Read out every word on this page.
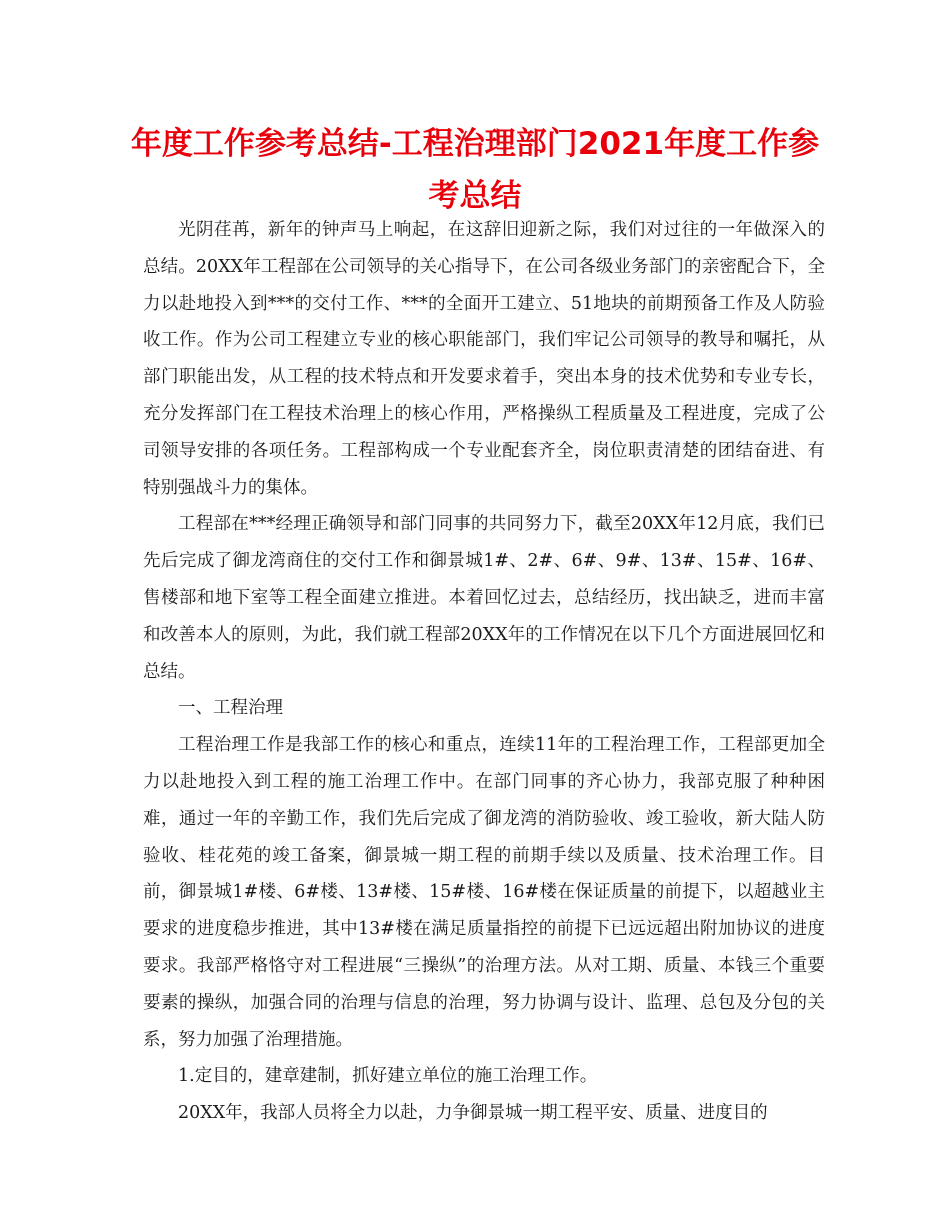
年度工作参考总结-工程治理部门2021年度工作参考总结

光阴荏苒，新年的钟声马上响起，在这辞旧迎新之际，我们对过往的一年做深入的总结。20XX年工程部在公司领导的关心指导下，在公司各级业务部门的亲密配合下，全力以赴地投入到***的交付工作、***的全面开工建立、51地块的前期预备工作及人防验收工作。作为公司工程建立专业的核心职能部门，我们牢记公司领导的教导和嘱托，从部门职能出发，从工程的技术特点和开发要求着手，突出本身的技术优势和专业专长，充分发挥部门在工程技术治理上的核心作用，严格操纵工程质量及工程进度，完成了公司领导安排的各项任务。工程部构成一个专业配套齐全，岗位职责清楚的团结奋进、有特别强战斗力的集体。

工程部在***经理正确领导和部门同事的共同努力下，截至20XX年12月底，我们已先后完成了御龙湾商住的交付工作和御景城1#、2#、6#、9#、13#、15#、16#、售楼部和地下室等工程全面建立推进。本着回忆过去，总结经历，找出缺乏，进而丰富和改善本人的原则，为此，我们就工程部20XX年的工作情况在以下几个方面进展回忆和总结。

一、工程治理

工程治理工作是我部工作的核心和重点，连续11年的工程治理工作，工程部更加全力以赴地投入到工程的施工治理工作中。在部门同事的齐心协力，我部克服了种种困难，通过一年的辛勤工作，我们先后完成了御龙湾的消防验收、竣工验收，新大陆人防验收、桂花苑的竣工备案，御景城一期工程的前期手续以及质量、技术治理工作。目前，御景城1#楼、6#楼、13#楼、15#楼、16#楼在保证质量的前提下，以超越业主要求的进度稳步推进，其中13#楼在满足质量指控的前提下已远远超出附加协议的进度要求。我部严格恪守对工程进展“三操纵”的治理方法。从对工期、质量、本钱三个重要要素的操纵，加强合同的治理与信息的治理，努力协调与设计、监理、总包及分包的关系，努力加强了治理措施。

1.定目的，建章建制，抓好建立单位的施工治理工作。

20XX年，我部人员将全力以赴，力争御景城一期工程平安、质量、进度目的
